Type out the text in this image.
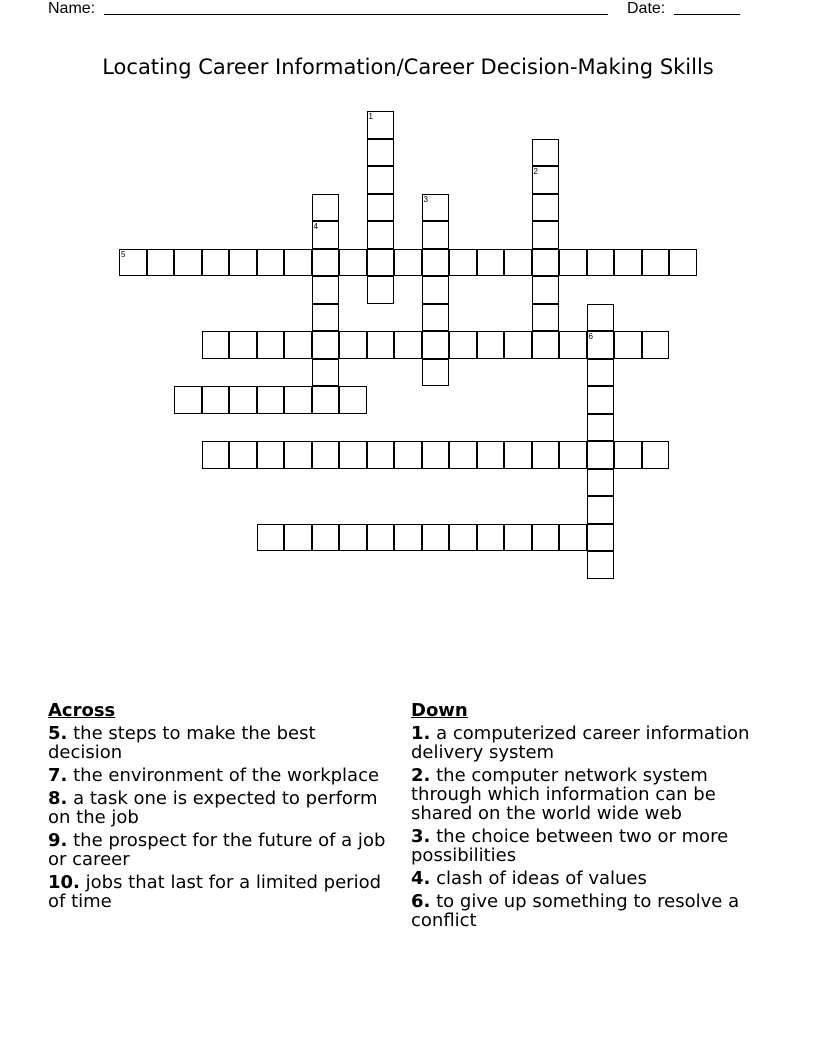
Name:	Date:
Locating Career Information/Career Decision-Making Skills
1
2
3
4
5
6
Across
5. the steps to make the best decision
7. the environment of the workplace
8. a task one is expected to perform on the job
9. the prospect for the future of a job or career
10. jobs that last for a limited period of time
Down
1. a computerized career information delivery system
2. the computer network system through which information can be shared on the world wide web
3. the choice between two or more possibilities
4. clash of ideas of values
6. to give up something to resolve a conflict
